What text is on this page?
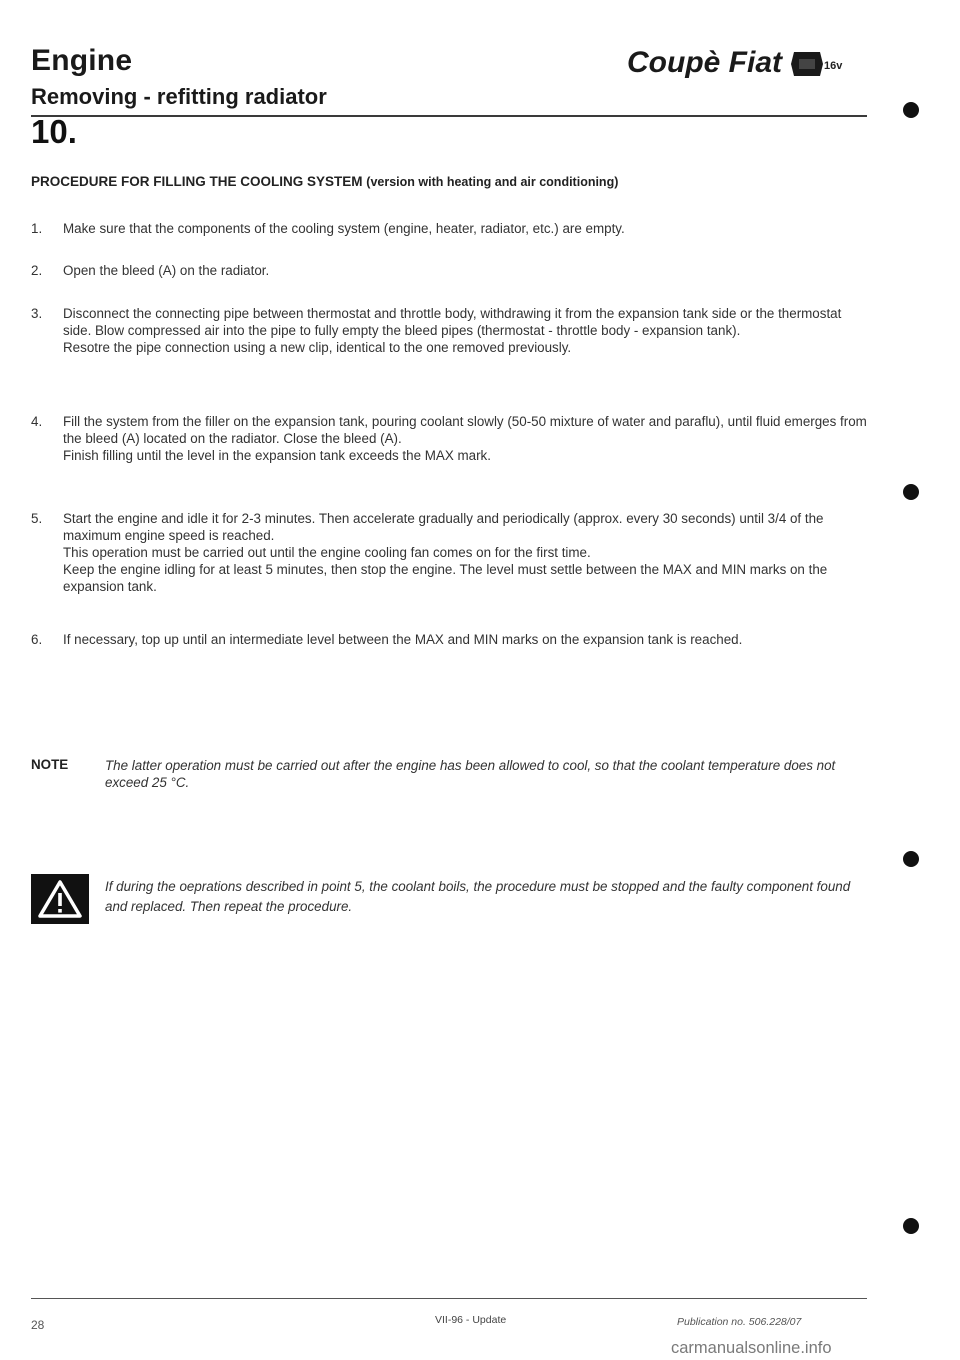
Engine	Coupè Fiat	16v
Removing - refitting radiator
10.
PROCEDURE FOR FILLING THE COOLING SYSTEM (version with heating and air conditioning)
1. Make sure that the components of the cooling system (engine, heater, radiator, etc.) are empty.

2. Open the bleed (A) on the radiator.

3. Disconnect the connecting pipe between thermostat and throttle body, withdrawing it from the expansion tank side or the thermostat side. Blow compressed air into the pipe to fully empty the bleed pipes (thermostat - throttle body - expansion tank).

Resotre the pipe connection using a new clip, identical to the one removed previously.

4. Fill the system from the filler on the expansion tank, pouring coolant slowly (50-50 mixture of water and paraflu), until fluid emerges from the bleed (A) located on the radiator. Close the bleed (A).

Finish filling until the level in the expansion tank exceeds the MAX mark.

5. Start the engine and idle it for 2-3 minutes. Then accelerate gradually and periodically (approx. every 30 seconds) until 3/4 of the maximum engine speed is reached.

This operation must be carried out until the engine cooling fan comes on for the first time.

Keep the engine idling for at least 5 minutes, then stop the engine. The level must settle between the MAX and MIN marks on the expansion tank.

6. If necessary, top up until an intermediate level between the MAX and MIN marks on the expansion tank is reached.

NOTE	The latter operation must be carried out after the engine has been allowed to cool, so that the coolant temperature does not exceed 25 °C.
If during the oeprations described in point 5, the coolant boils, the procedure must be stopped and the faulty component found and replaced. Then repeat the procedure.
28	VII-96 - Update	Publication no. 506.228/07
carmanualsonline.info
